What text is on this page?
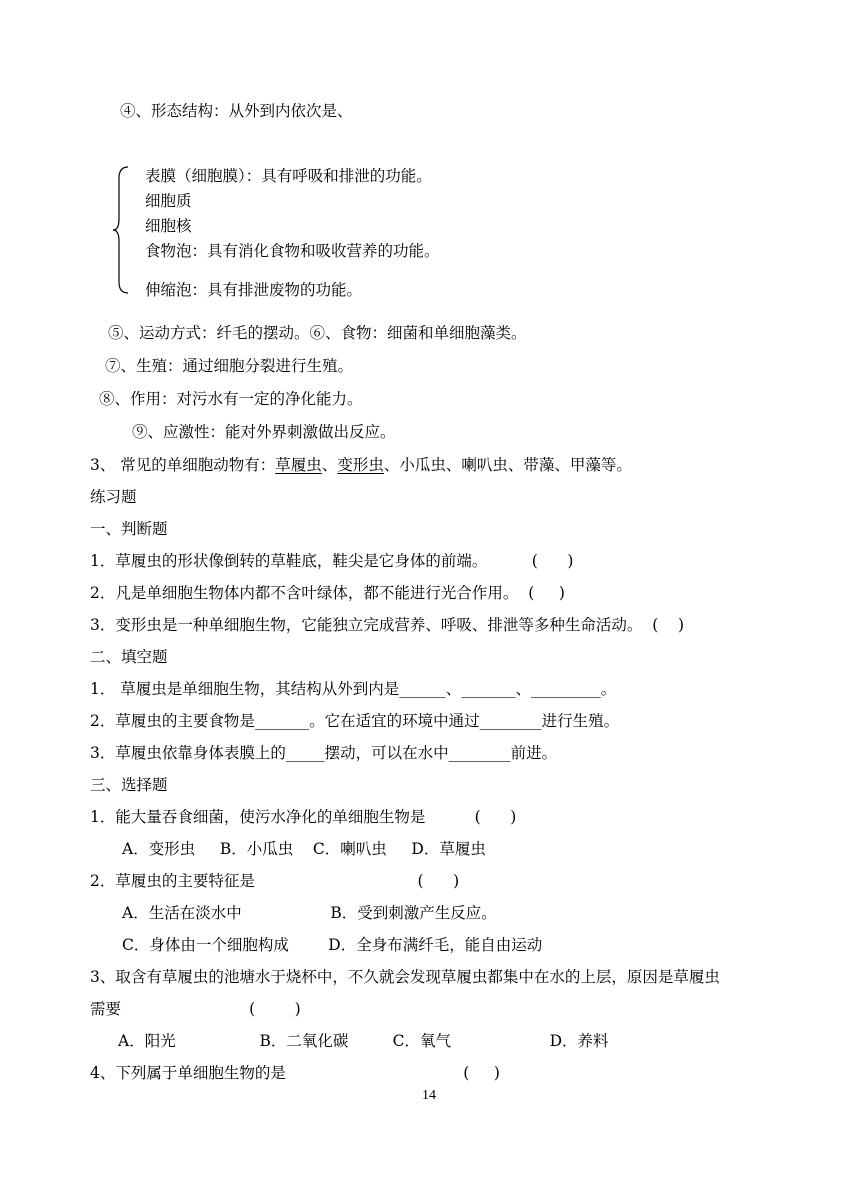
④、形态结构：从外到内依次是、
表膜（细胞膜）：具有呼吸和排泄的功能。
细胞质
细胞核
食物泡：具有消化食物和吸收营养的功能。
伸缩泡：具有排泄废物的功能。
⑤、运动方式：纤毛的摆动。⑥、食物：细菌和单细胞藻类。
⑦、生殖：通过细胞分裂进行生殖。
⑧、作用：对污水有一定的净化能力。
⑨、应激性：能对外界刺激做出反应。
3、 常见的单细胞动物有：草履虫、变形虫、小瓜虫、喇叭虫、带藻、甲藻等。
练习题
一、判断题
1．草履虫的形状像倒转的草鞋底，鞋尖是它身体的前端。         (      )
2．凡是单细胞生物体内都不含叶绿体，都不能进行光合作用。  (     )
3．变形虫是一种单细胞生物，它能独立完成营养、呼吸、排泄等多种生命活动。  (    )
二、填空题
1． 草履虫是单细胞生物，其结构从外到内是______、_______、_________。
2．草履虫的主要食物是_______。它在适宜的环境中通过________进行生殖。
3．草履虫依靠身体表膜上的_____摆动，可以在水中________前进。
三、选择题
1．能大量吞食细菌，使污水净化的单细胞生物是          (      )
A．变形虫     B．小瓜虫    C．喇叭虫     D．草履虫
2．草履虫的主要特征是                                 (      )
A．生活在淡水中                  B．受到刺激产生反应。
C．身体由一个细胞构成        D．全身布满纤毛，能自由运动
3、取含有草履虫的池塘水于烧杯中，不久就会发现草履虫都集中在水的上层，原因是草履虫
需要                          (        )
A．阳光                 B．二氧化碳         C．氧气                    D．养料
4、下列属于单细胞生物的是                                    (     )
14
